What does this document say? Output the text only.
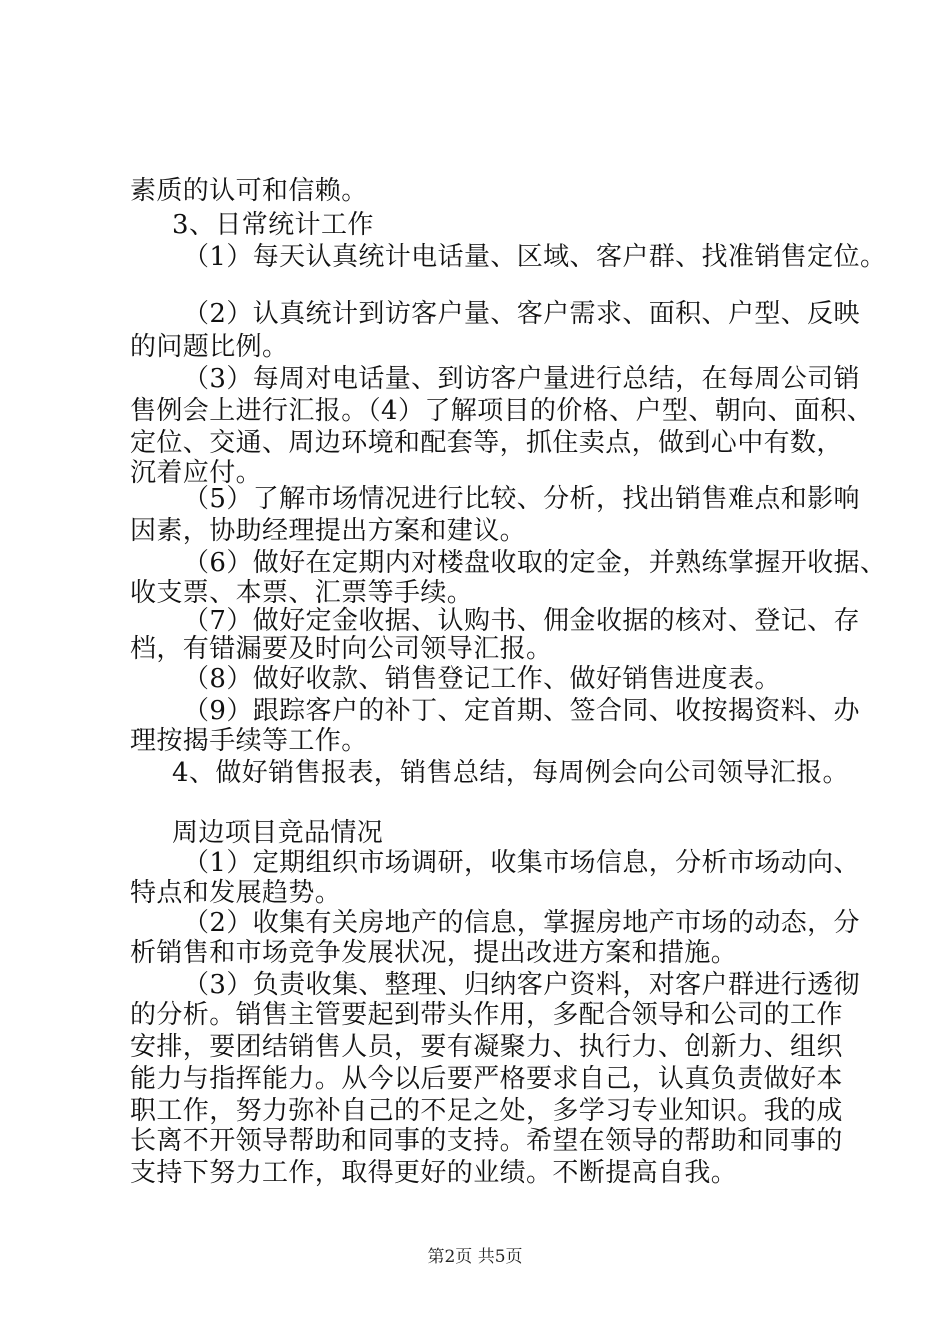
素质的认可和信赖。

3、日常统计工作

（1）每天认真统计电话量、区域、客户群、找准销售定位。

（2）认真统计到访客户量、客户需求、面积、户型、反映

的问题比例。

（3）每周对电话量、到访客户量进行总结，在每周公司销

售例会上进行汇报。（4）了解项目的价格、户型、朝向、面积、

定位、交通、周边环境和配套等，抓住卖点，做到心中有数，

沉着应付。

（5）了解市场情况进行比较、分析，找出销售难点和影响

因素，协助经理提出方案和建议。

（6）做好在定期内对楼盘收取的定金，并熟练掌握开收据、

收支票、本票、汇票等手续。

（7）做好定金收据、认购书、佣金收据的核对、登记、存

档，有错漏要及时向公司领导汇报。

（8）做好收款、销售登记工作、做好销售进度表。

（9）跟踪客户的补丁、定首期、签合同、收按揭资料、办

理按揭手续等工作。

4、做好销售报表，销售总结，每周例会向公司领导汇报。

周边项目竞品情况

（1）定期组织市场调研，收集市场信息，分析市场动向、

特点和发展趋势。

（2）收集有关房地产的信息，掌握房地产市场的动态，分

析销售和市场竞争发展状况，提出改进方案和措施。

（3）负责收集、整理、归纳客户资料，对客户群进行透彻

的分析。销售主管要起到带头作用，多配合领导和公司的工作

安排，要团结销售人员，要有凝聚力、执行力、创新力、组织

能力与指挥能力。从今以后要严格要求自己，认真负责做好本

职工作，努力弥补自己的不足之处，多学习专业知识。我的成

长离不开领导帮助和同事的支持。希望在领导的帮助和同事的

支持下努力工作，取得更好的业绩。不断提高自我。

第2页 共5页
